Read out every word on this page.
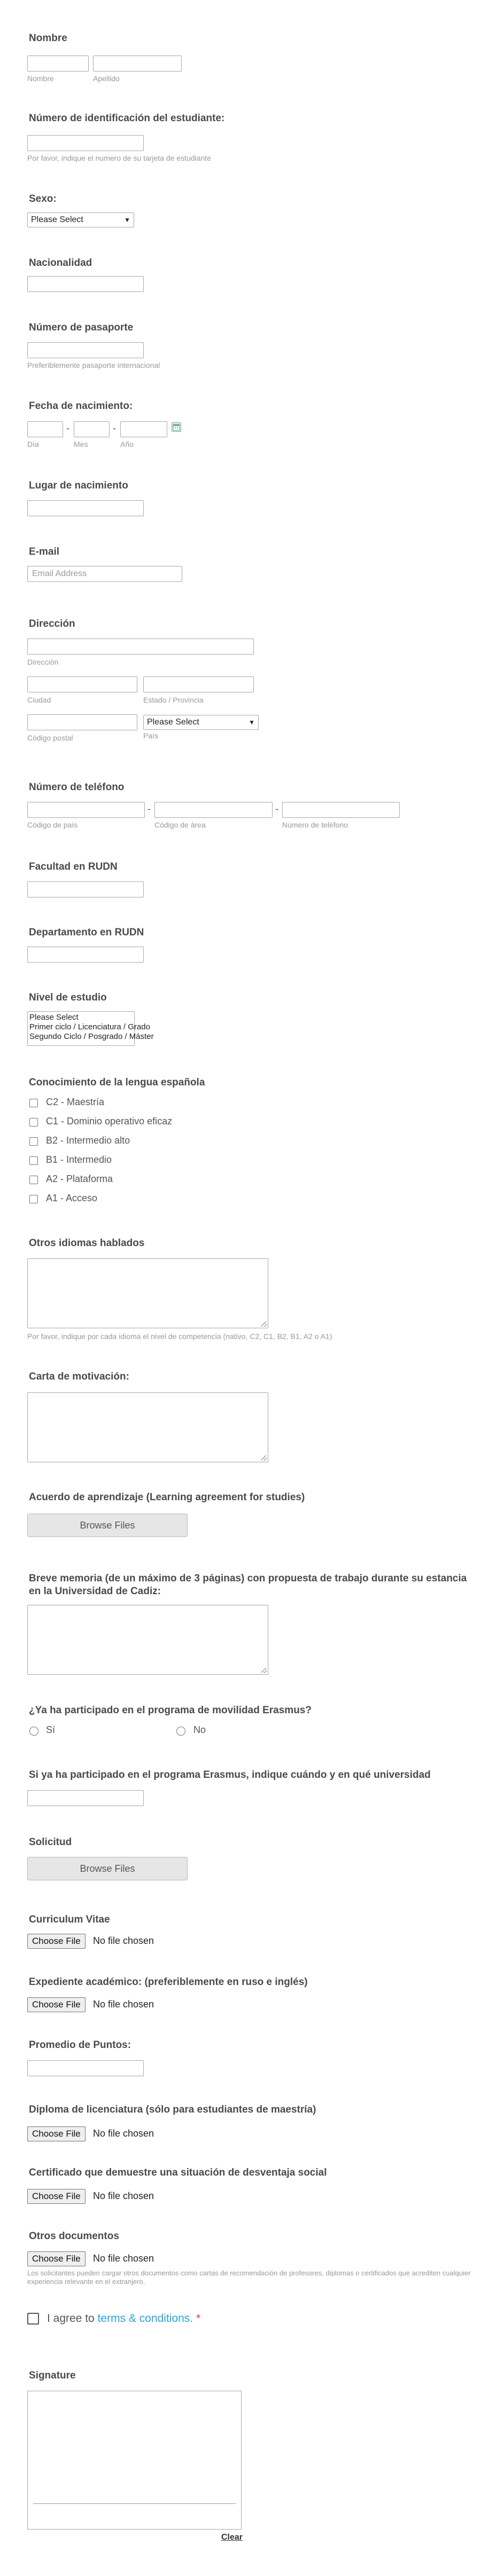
Nombre
Nombre	Apellido
Número de identificación del estudiante:
Por favor, indique el numero de su tarjeta de estudiante
Sexo:
Please Select	▼
Nacionalidad
Número de pasaporte
Preferiblemente pasaporte internacional
Fecha de nacimiento:
-	-
Día	Mes	Año
Lugar de nacimiento
E-mail
Email Address
Dirección
Dirección
Ciudad	Estado / Provincia
Please Select	▼
Código postal	País
Número de teléfono
-	-
Código de país	Código de área	Número de teléfono
Facultad en RUDN
Departamento en RUDN
Nivel de estudio
Please Select
Primer ciclo / Licenciatura / Grado
Segundo Ciclo / Posgrado / Máster
Conocimiento de la lengua española
C2 - Maestría
C1 - Dominio operativo eficaz
B2 - Intermedio alto
B1 - Intermedio
A2 - Plataforma
A1 - Acceso
Otros idiomas hablados
Por favor, indique por cada idioma el nivel de competencia (nativo, C2, C1, B2, B1, A2 o A1)
Carta de motivación:
Acuerdo de aprendizaje (Learning agreement for studies)
Browse Files
Breve memoria (de un máximo de 3 páginas) con propuesta de trabajo durante su estancia en la Universidad de Cadiz:
¿Ya ha participado en el programa de movilidad Erasmus?
Sí	No
Si ya ha participado en el programa Erasmus, indique cuándo y en qué universidad
Solicitud
Browse Files
Curriculum Vitae
Choose File	No file chosen
Expediente académico: (preferiblemente en ruso e inglés)
Choose File	No file chosen
Promedio de Puntos:
Diploma de licenciatura (sólo para estudiantes de maestría)
Choose File	No file chosen
Certificado que demuestre una situación de desventaja social
Choose File	No file chosen
Otros documentos
Choose File	No file chosen
Los solicitantes pueden cargar otros documentos como cartas de recomendación de profesores, diplomas o certificados que acrediten cualquier experiencia relevante en el extranjero.
I agree to terms & conditions. *
Signature
Clear
